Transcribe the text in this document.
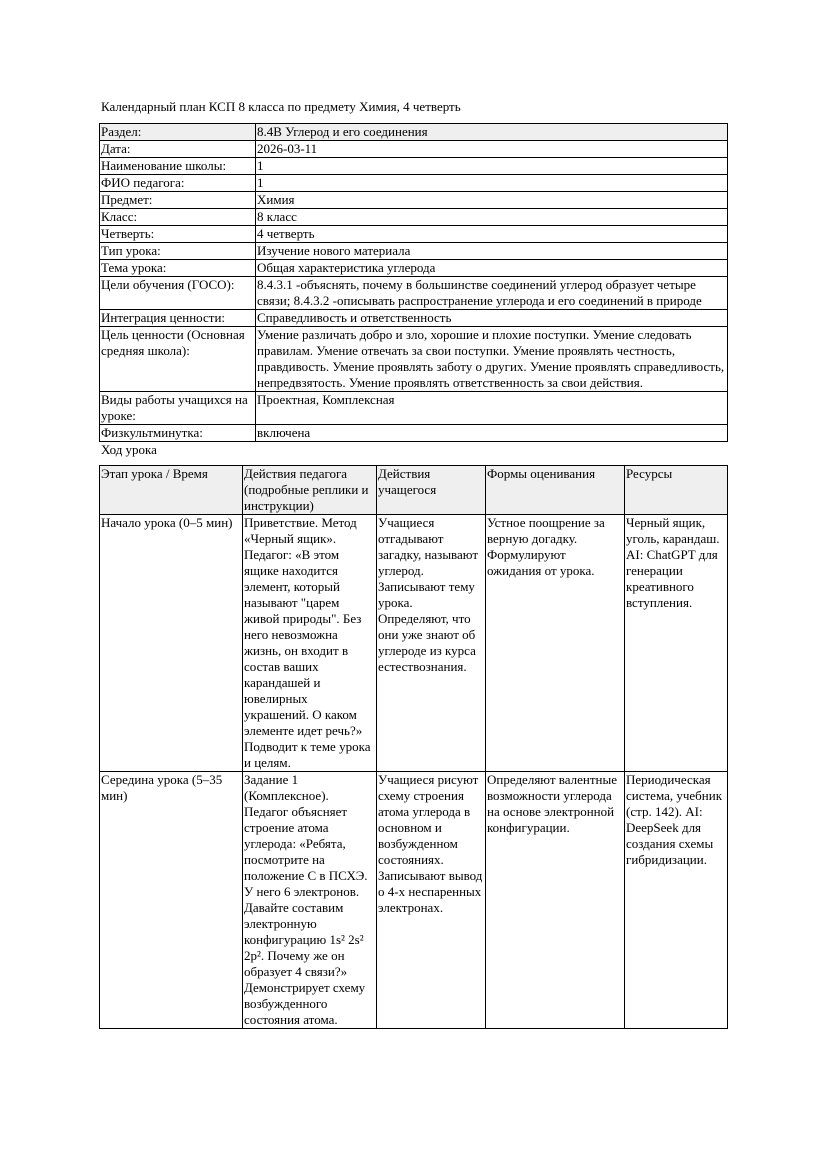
Календарный план КСП 8 класса по предмету Химия, 4 четверть
Раздел:	8.4В Углерод и его соединения
Дата:	2026-03-11
Наименование школы:	1
ФИО педагога:	1
Предмет:	Химия
Класс:	8 класс
Четверть:	4 четверть
Тип урока:	Изучение нового материала
Тема урока:	Общая характеристика углерода
Цели обучения (ГОСО):	8.4.3.1 -объяснять, почему в большинстве соединений углерод образует четыре связи; 8.4.3.2 -описывать распространение углерода и его соединений в природе
Интеграция ценности:	Справедливость и ответственность
Цель ценности (Основная средняя школа):	Умение различать добро и зло, хорошие и плохие поступки. Умение следовать правилам. Умение отвечать за свои поступки. Умение проявлять честность, правдивость. Умение проявлять заботу о других. Умение проявлять справедливость, непредвзятость. Умение проявлять ответственность за свои действия.
Виды работы учащихся на уроке:	Проектная, Комплексная
Физкультминутка:	включена
Ход урока
Этап урока / Время	Действия педагога (подробные реплики и инструкции)	Действия учащегося	Формы оценивания	Ресурсы
Начало урока (0–5 мин)	Приветствие. Метод «Черный ящик». Педагог: «В этом ящике находится элемент, который называют "царем живой природы". Без него невозможна жизнь, он входит в состав ваших карандашей и ювелирных украшений. О каком элементе идет речь?» Подводит к теме урока и целям.	Учащиеся отгадывают загадку, называют углерод. Записывают тему урока. Определяют, что они уже знают об углероде из курса естествознания.	Устное поощрение за верную догадку. Формулируют ожидания от урока.	Черный ящик, уголь, карандаш. AI: ChatGPT для генерации креативного вступления.
Середина урока (5–35 мин)	Задание 1 (Комплексное). Педагог объясняет строение атома углерода: «Ребята, посмотрите на положение С в ПСХЭ. У него 6 электронов. Давайте составим электронную конфигурацию 1s² 2s² 2p². Почему же он образует 4 связи?» Демонстрирует схему возбужденного состояния атома.	Учащиеся рисуют схему строения атома углерода в основном и возбужденном состояниях. Записывают вывод о 4-х неспаренных электронах.	Определяют валентные возможности углерода на основе электронной конфигурации.	Периодическая система, учебник (стр. 142). AI: DeepSeek для создания схемы гибридизации.
